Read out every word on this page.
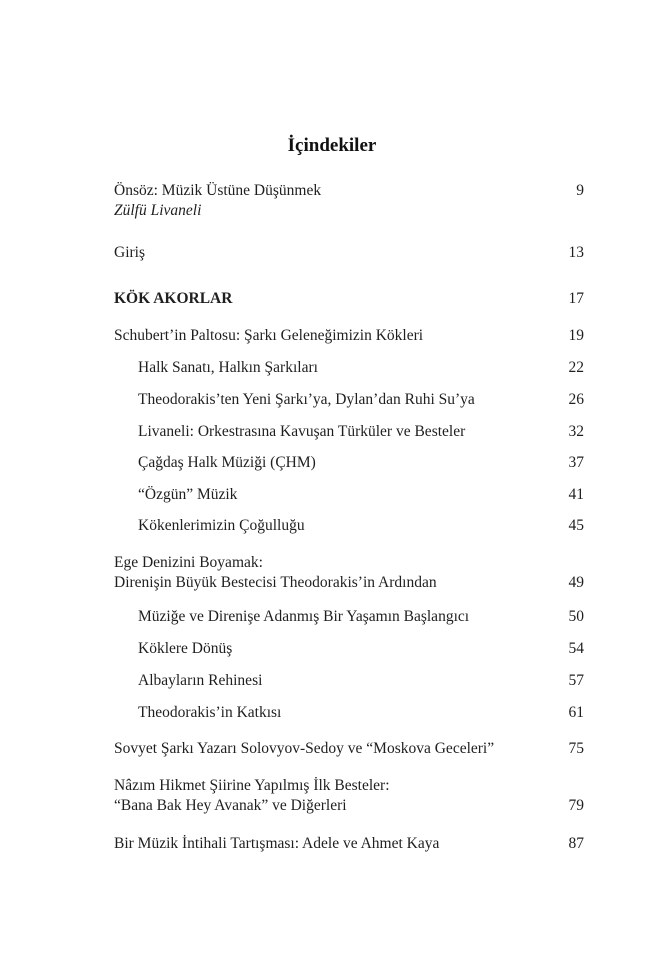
İçindekiler
Önsöz: Müzik Üstüne Düşünmek	9
Zülfü Livaneli
Giriş	13
KÖK AKORLAR	17
Schubert’in Paltosu: Şarkı Geleneğimizin Kökleri	19
Halk Sanatı, Halkın Şarkıları	22
Theodorakis’ten Yeni Şarkı’ya, Dylan’dan Ruhi Su’ya	26
Livaneli: Orkestrasına Kavuşan Türküler ve Besteler	32
Çağdaş Halk Müziği (ÇHM)	37
“Özgün” Müzik	41
Kökenlerimizin Çoğulluğu	45
Ege Denizini Boyamak:
Direnişin Büyük Bestecisi Theodorakis’in Ardından	49
Müziğe ve Direnişe Adanmış Bir Yaşamın Başlangıcı	50
Köklere Dönüş	54
Albayların Rehinesi	57
Theodorakis’in Katkısı	61
Sovyet Şarkı Yazarı Solovyov-Sedoy ve “Moskova Geceleri”	75
Nâzım Hikmet Şiirine Yapılmış İlk Besteler:
“Bana Bak Hey Avanak” ve Diğerleri	79
Bir Müzik İntihali Tartışması: Adele ve Ahmet Kaya	87
